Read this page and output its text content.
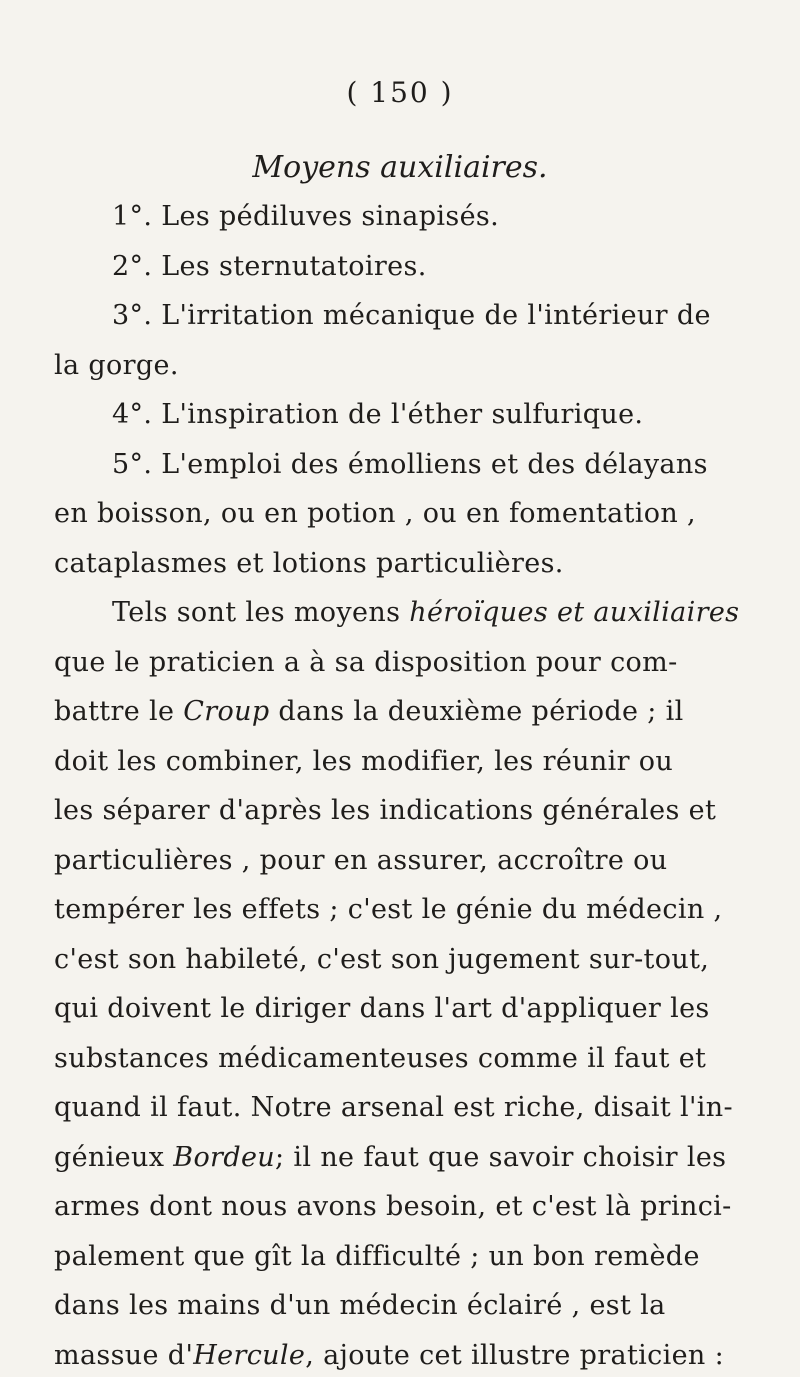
( 150 )
Moyens auxiliaires.
1°. Les pédiluves sinapisés.
2°. Les sternutatoires.
3°. L'irritation mécanique de l'intérieur de
la gorge.
4°. L'inspiration de l'éther sulfurique.
5°. L'emploi des émolliens et des délayans
en boisson, ou en potion , ou en fomentation ,
cataplasmes et lotions particulières.
Tels sont les moyens héroïques et auxiliaires
que le praticien a à sa disposition pour com-
battre le Croup dans la deuxième période ; il
doit les combiner, les modifier, les réunir ou
les séparer d'après les indications générales et
particulières , pour en assurer, accroître ou
tempérer les effets ; c'est le génie du médecin ,
c'est son habileté, c'est son jugement sur-tout,
qui doivent le diriger dans l'art d'appliquer les
substances médicamenteuses comme il faut et
quand il faut. Notre arsenal est riche, disait l'in-
génieux Bordeu; il ne faut que savoir choisir les
armes dont nous avons besoin, et c'est là princi-
palement que gît la difficulté ; un bon remède
dans les mains d'un médecin éclairé , est la
massue d'Hercule, ajoute cet illustre praticien :
